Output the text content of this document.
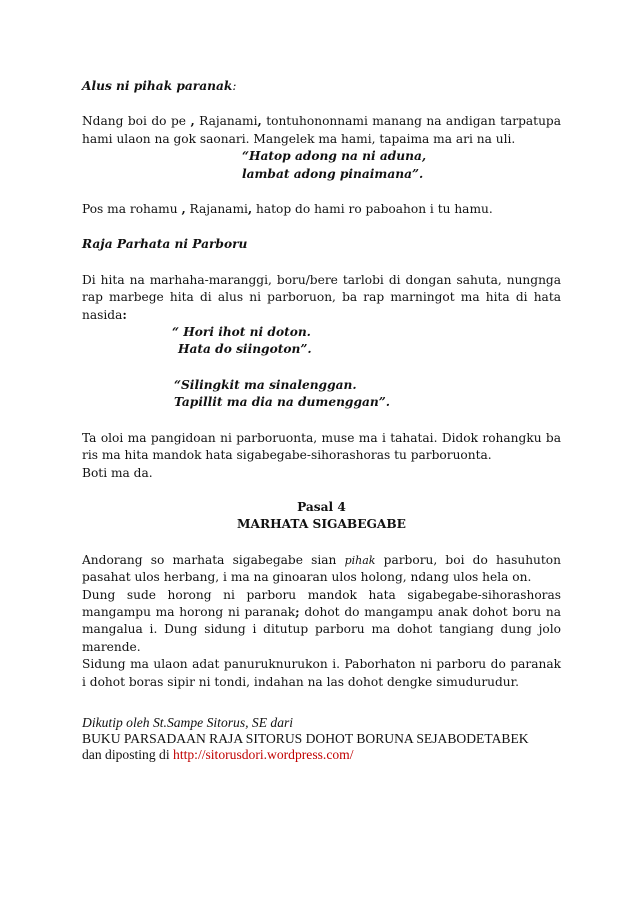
Alus ni pihak paranak:

Ndang boi do pe , Rajanami, tontuhononnami manang na andigan tarpatupa hami ulaon na gok saonari. Mangelek ma hami, tapaima ma ari na uli.

“Hatop adong na ni aduna,

lambat adong pinaimana”.

Pos ma rohamu , Rajanami, hatop do hami ro paboahon i tu hamu.

Raja Parhata ni Parboru

Di hita na marhaha-maranggi, boru/bere tarlobi di dongan sahuta, nungnga rap marbege hita di alus ni parboruon, ba rap marningot ma hita di hata nasida:

“ Hori ihot ni doton.

Hata do siingoton”.

“Silingkit ma sinalenggan.

Tapillit ma dia na dumenggan”.

Ta oloi ma pangidoan ni parboruonta, muse ma i tahatai. Didok rohangku ba ris ma hita mandok hata sigabegabe-sihorashoras tu parboruonta.

Boti ma da.

Pasal 4

MARHATA SIGABEGABE

Andorang so marhata sigabegabe sian pihak parboru, boi do hasuhuton pasahat ulos herbang, i ma na ginoaran ulos holong, ndang ulos hela on.

Dung sude horong ni parboru mandok hata sigabegabe-sihorashoras mangampu ma horong ni paranak; dohot do mangampu anak dohot boru na mangalua i. Dung sidung i ditutup parboru ma dohot tangiang dung jolo marende.

Sidung ma ulaon adat panuruknurukon i. Paborhaton ni parboru do paranak i dohot boras sipir ni tondi, indahan na las dohot dengke simudurudur.

Dikutip oleh St.Sampe Sitorus, SE dari

BUKU PARSADAAN RAJA SITORUS DOHOT BORUNA SEJABODETABEK

dan diposting di http://sitorusdori.wordpress.com/
